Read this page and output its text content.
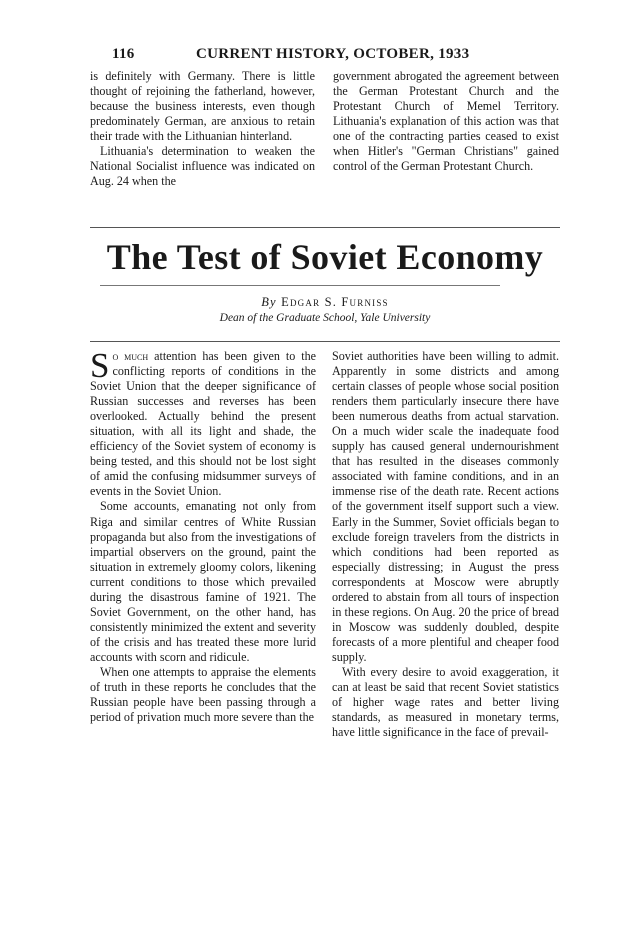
116	CURRENT HISTORY, OCTOBER, 1933

is definitely with Germany. There is little thought of rejoining the fatherland, however, because the business interests, even though predominately German, are anxious to retain their trade with the Lithuanian hinterland.

Lithuania's determination to weaken the National Socialist influence was indicated on Aug. 24 when the

government abrogated the agreement between the German Protestant Church and the Protestant Church of Memel Territory. Lithuania's explanation of this action was that one of the contracting parties ceased to exist when Hitler's "German Christians" gained control of the German Protestant Church.

The Test of Soviet Economy
By Edgar S. Furniss
Dean of the Graduate School, Yale University

So much attention has been given to the conflicting reports of conditions in the Soviet Union that the deeper significance of Russian successes and reverses has been overlooked. Actually behind the present situation, with all its light and shade, the efficiency of the Soviet system of economy is being tested, and this should not be lost sight of amid the confusing midsummer surveys of events in the Soviet Union.

Some accounts, emanating not only from Riga and similar centres of White Russian propaganda but also from the investigations of impartial observers on the ground, paint the situation in extremely gloomy colors, likening current conditions to those which prevailed during the disastrous famine of 1921. The Soviet Government, on the other hand, has consistently minimized the extent and severity of the crisis and has treated these more lurid accounts with scorn and ridicule.

When one attempts to appraise the elements of truth in these reports he concludes that the Russian people have been passing through a period of privation much more severe than the

Soviet authorities have been willing to admit. Apparently in some districts and among certain classes of people whose social position renders them particularly insecure there have been numerous deaths from actual starvation. On a much wider scale the inadequate food supply has caused general undernourishment that has resulted in the diseases commonly associated with famine conditions, and in an immense rise of the death rate. Recent actions of the government itself support such a view. Early in the Summer, Soviet officials began to exclude foreign travelers from the districts in which conditions had been reported as especially distressing; in August the press correspondents at Moscow were abruptly ordered to abstain from all tours of inspection in these regions. On Aug. 20 the price of bread in Moscow was suddenly doubled, despite forecasts of a more plentiful and cheaper food supply.

With every desire to avoid exaggeration, it can at least be said that recent Soviet statistics of higher wage rates and better living standards, as measured in monetary terms, have little significance in the face of prevail-
